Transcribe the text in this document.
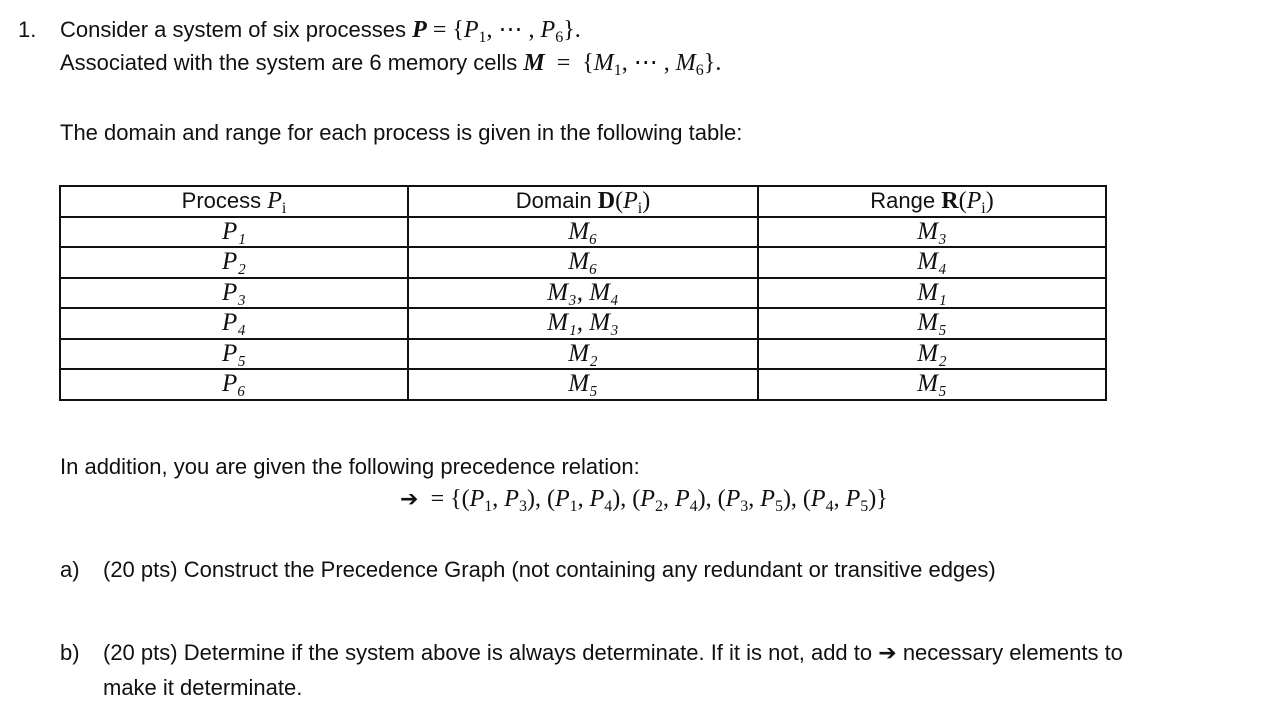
1. Consider a system of six processes $P = \{P_1$, ⋯ , $P_6$}.
Associated with the system are 6 memory cells $M = \{M_1$, ⋯ , $M_6$}.
The domain and range for each process is given in the following table:
Process $P_i$	Domain $D(P_i)$	Range $R(P_i)$
P₁	M₆	M₃
P₂	M₆	M₄
P₃	M₃, M₄	M₁
P₄	M₁, M₃	M₅
P₅	M₂	M₂
P₆	M₅	M₅
In addition, you are given the following precedence relation:
➔  = {($P_1$, $P_3$), ($P_1$, $P_4$), ($P_2$, $P_4$), ($P_3$, $P_5$), ($P_4$, $P_5$)}
a) (20 pts) Construct the Precedence Graph (not containing any redundant or transitive edges)
b) (20 pts) Determine if the system above is always determinate. If it is not, add to ➔ necessary elements to
make it determinate.
